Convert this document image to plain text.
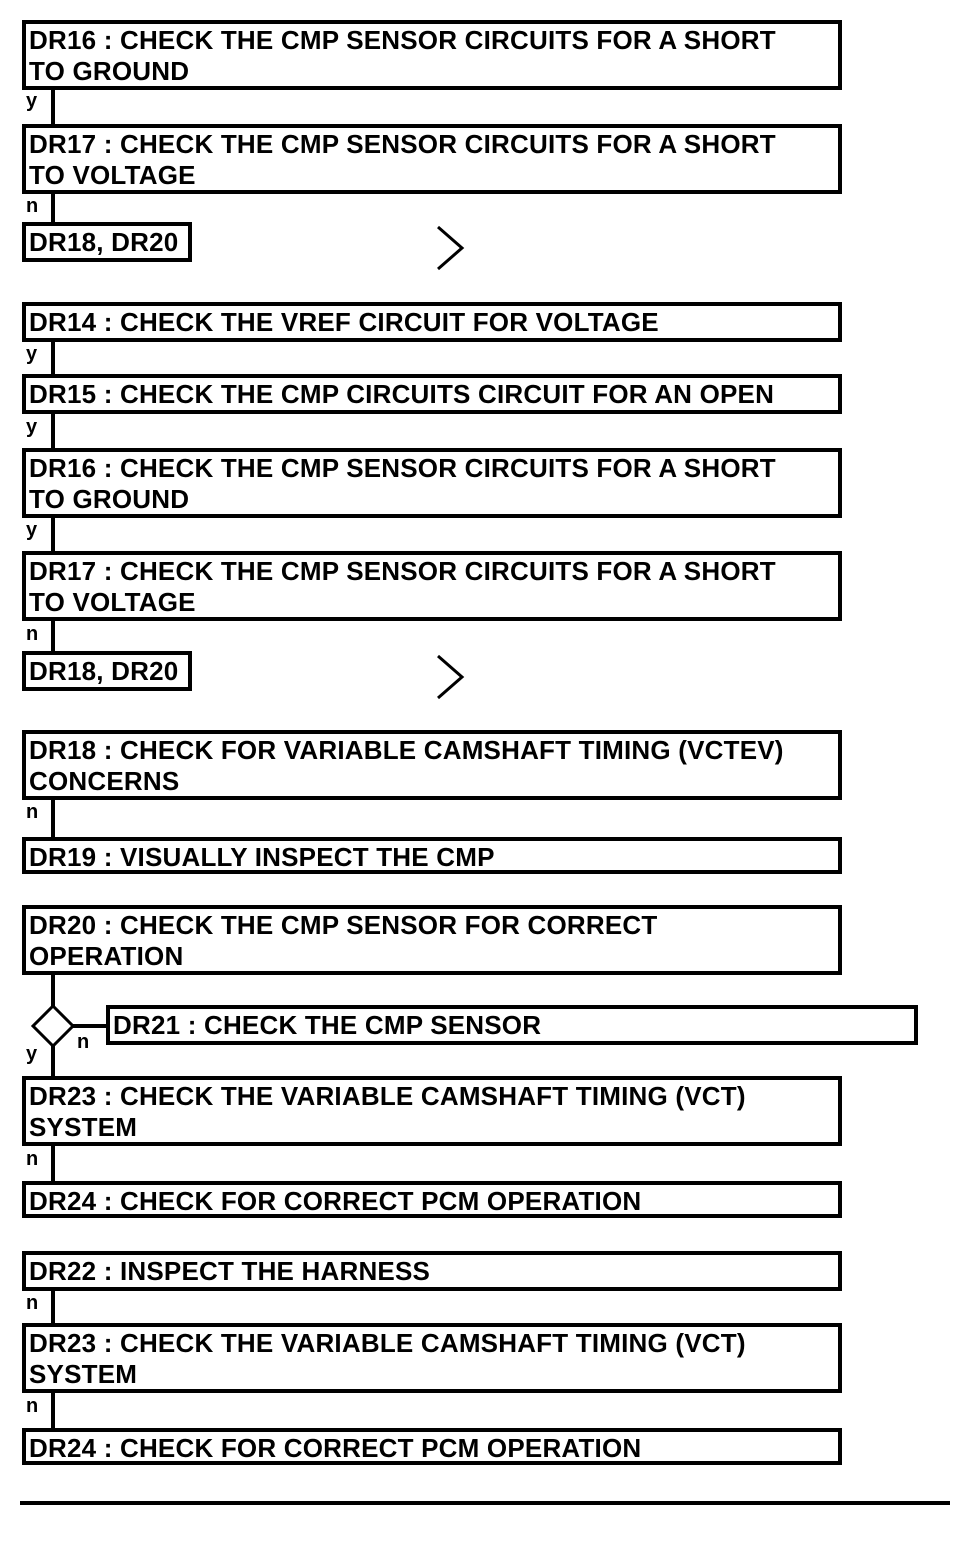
DR16 : CHECK THE CMP SENSOR CIRCUITS FOR A SHORT
TO GROUND
y
DR17 : CHECK THE CMP SENSOR CIRCUITS FOR A SHORT
TO VOLTAGE
n
DR18, DR20
DR14 : CHECK THE VREF CIRCUIT FOR VOLTAGE
y
DR15 : CHECK THE CMP CIRCUITS CIRCUIT FOR AN OPEN
y
DR16 : CHECK THE CMP SENSOR CIRCUITS FOR A SHORT
TO GROUND
y
DR17 : CHECK THE CMP SENSOR CIRCUITS FOR A SHORT
TO VOLTAGE
n
DR18, DR20
DR18 : CHECK FOR VARIABLE CAMSHAFT TIMING (VCTEV)
CONCERNS
n
DR19 : VISUALLY INSPECT THE CMP
DR20 : CHECK THE CMP SENSOR FOR CORRECT
OPERATION
n
DR21 : CHECK THE CMP SENSOR
y
DR23 : CHECK THE VARIABLE CAMSHAFT TIMING (VCT)
SYSTEM
n
DR24 : CHECK FOR CORRECT PCM OPERATION
DR22 : INSPECT THE HARNESS
n
DR23 : CHECK THE VARIABLE CAMSHAFT TIMING (VCT)
SYSTEM
n
DR24 : CHECK FOR CORRECT PCM OPERATION
